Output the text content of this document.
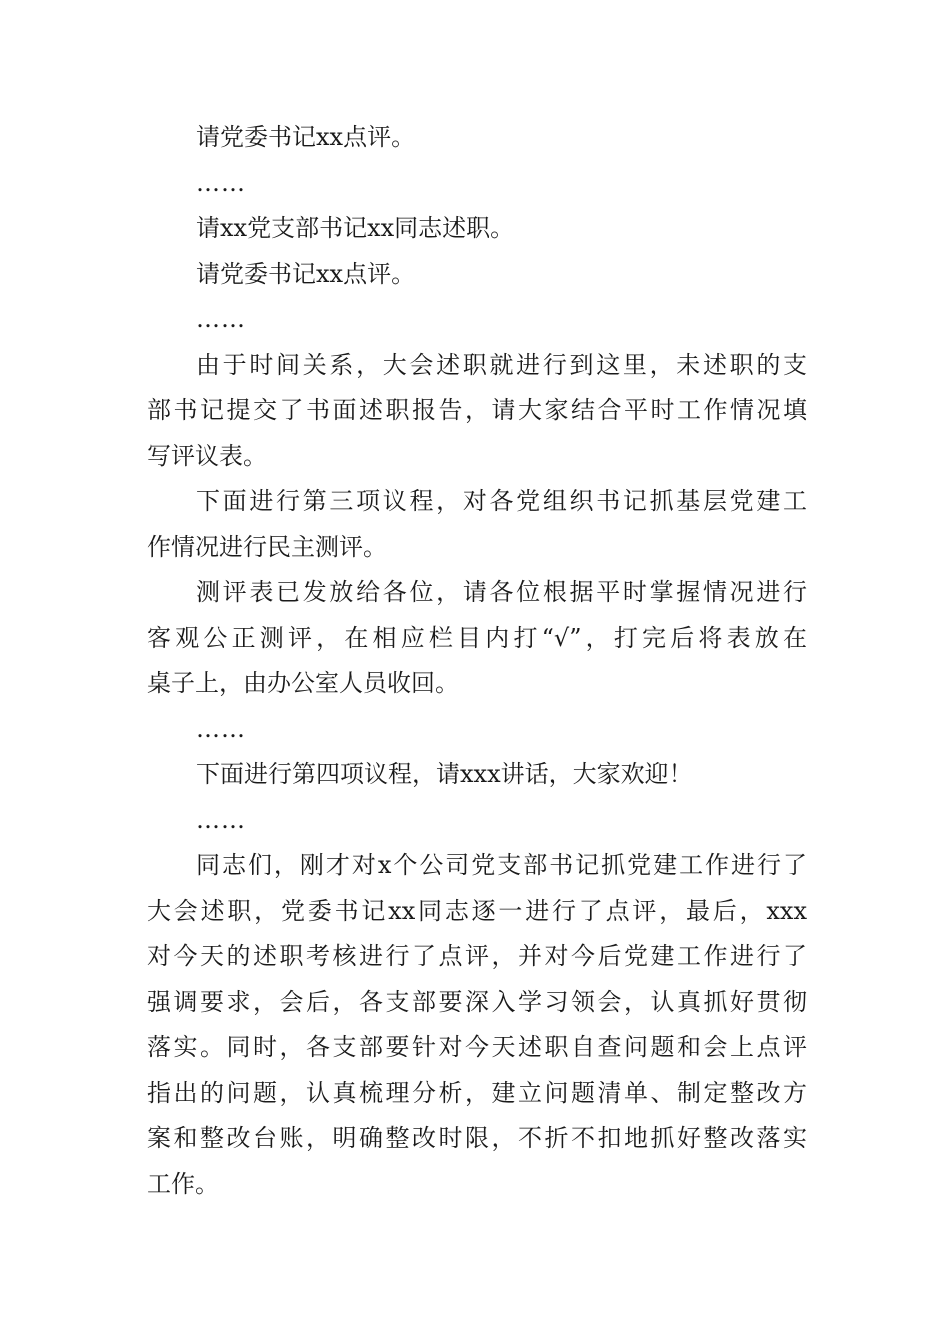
请党委书记xx点评。
……
请xx党支部书记xx同志述职。
请党委书记xx点评。
……
由于时间关系，大会述职就进行到这里，未述职的支
部书记提交了书面述职报告，请大家结合平时工作情况填
写评议表。
下面进行第三项议程，对各党组织书记抓基层党建工
作情况进行民主测评。
测评表已发放给各位，请各位根据平时掌握情况进行
客观公正测评，在相应栏目内打“√”，打完后将表放在
桌子上，由办公室人员收回。
……
下面进行第四项议程，请xxx讲话，大家欢迎！
……
同志们，刚才对x个公司党支部书记抓党建工作进行了
大会述职，党委书记xx同志逐一进行了点评，最后，xxx
对今天的述职考核进行了点评，并对今后党建工作进行了
强调要求，会后，各支部要深入学习领会，认真抓好贯彻
落实。同时，各支部要针对今天述职自查问题和会上点评
指出的问题，认真梳理分析，建立问题清单、制定整改方
案和整改台账，明确整改时限，不折不扣地抓好整改落实
工作。
